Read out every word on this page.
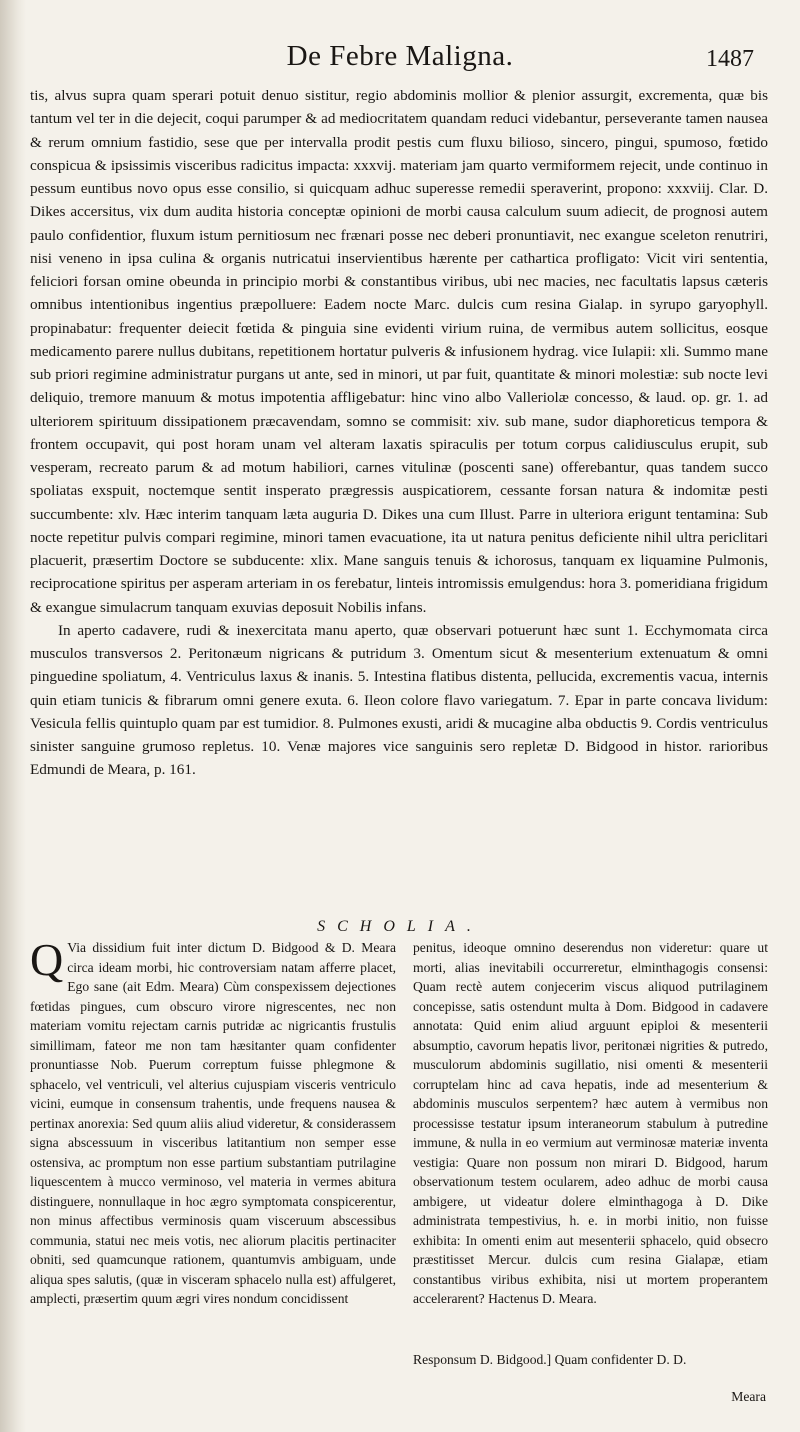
De Febre Maligna.	1487

tis, alvus supra quam sperari potuit denuo sistitur, regio abdominis mollior & plenior assurgit, excrementa, quæ bis tantum vel ter in die dejecit, coqui parumper & ad mediocritatem quandam reduci videbantur, perseverante tamen nausea & rerum omnium fastidio, sese que per intervalla prodit pestis cum fluxu bilioso, sincero, pingui, spumoso, fœtido conspicua & ipsissimis visceribus radicitus impacta: xxxvij. materiam jam quarto vermiformem rejecit, unde continuo in pessum euntibus novo opus esse consilio, si quicquam adhuc superesse remedii speraverint, propono: xxxviij. Clar. D. Dikes accersitus, vix dum audita historia conceptæ opinioni de morbi causa calculum suum adiecit, de prognosi autem paulo confidentior, fluxum istum pernitiosum nec frænari posse nec deberi pronuntiavit, nec exangue sceleton renutriri, nisi veneno in ipsa culina & organis nutricatui inservientibus hærente per cathartica profligato: Vicit viri sententia, feliciori forsan omine obeunda in principio morbi & constantibus viribus, ubi nec macies, nec facultatis lapsus cæteris omnibus intentionibus ingentius præpolluere: Eadem nocte Marc. dulcis cum resina Gialap. in syrupo garyophyll. propinabatur: frequenter deiecit fœtida & pinguia sine evidenti virium ruina, de vermibus autem sollicitus, eosque medicamento parere nullus dubitans, repetitionem hortatur pulveris & infusionem hydrag. vice Iulapii: xli. Summo mane sub priori regimine administratur purgans ut ante, sed in minori, ut par fuit, quantitate & minori molestiæ: sub nocte levi deliquio, tremore manuum & motus impotentia affligebatur: hinc vino albo Valleriolæ concesso, & laud. op. gr. 1. ad ulteriorem spirituum dissipationem præcavendam, somno se commisit: xiv. sub mane, sudor diaphoreticus tempora & frontem occupavit, qui post horam unam vel alteram laxatis spiraculis per totum corpus calidiusculus erupit, sub vesperam, recreato parum & ad motum habiliori, carnes vitulinæ (poscenti sane) offerebantur, quas tandem succo spoliatas exspuit, noctemque sentit insperato prægressis auspicatiorem, cessante forsan natura & indomitæ pesti succumbente: xlv. Hæc interim tanquam læta auguria D. Dikes una cum Illust. Parre in ulteriora erigunt tentamina: Sub nocte repetitur pulvis compari regimine, minori tamen evacuatione, ita ut natura penitus deficiente nihil ultra periclitari placuerit, præsertim Doctore se subducente: xlix. Mane sanguis tenuis & ichorosus, tanquam ex liquamine Pulmonis, reciprocatione spiritus per asperam arteriam in os ferebatur, linteis intromissis emulgendus: hora 3. pomeridiana frigidum & exangue simulacrum tanquam exuvias deposuit Nobilis infans.

In aperto cadavere, rudi & inexercitata manu aperto, quæ observari potuerunt hæc sunt 1. Ecchymomata circa musculos transversos 2. Peritonæum nigricans & putridum 3. Omentum sicut & mesenterium extenuatum & omni pinguedine spoliatum, 4. Ventriculus laxus & inanis. 5. Intestina flatibus distenta, pellucida, excrementis vacua, internis quin etiam tunicis & fibrarum omni genere exuta. 6. Ileon colore flavo variegatum. 7. Epar in parte concava lividum: Vesicula fellis quintuplo quam par est tumidior. 8. Pulmones exusti, aridi & mucagine alba obductis 9. Cordis ventriculus sinister sanguine grumoso repletus. 10. Venæ majores vice sanguinis sero repletæ D. Bidgood in histor. rarioribus Edmundi de Meara, p. 161.

SCHOLIA.
Q Via dissidium fuit inter dictum D. Bidgood & D. Meara circa ideam morbi, hic controversiam natam afferre placet, Ego sane (ait Edm. Meara) Cùm conspexissem dejectiones fœtidas pingues, cum obscuro virore nigrescentes, nec non materiam vomitu rejectam carnis putridæ ac nigricantis frustulis simillimam, fateor me non tam hæsitanter quam confidenter pronuntiasse Nob. Puerum correptum fuisse phlegmone & sphacelo, vel ventriculi, vel alterius cujuspiam visceris ventriculo vicini, eumque in consensum trahentis, unde frequens nausea & pertinax anorexia: Sed quum aliis aliud videretur, & considerassem signa abscessuum in visceribus latitantium non semper esse ostensiva, ac promptum non esse partium substantiam putrilagine liquescentem à mucco verminoso, vel materia in vermes abitura distinguere, nonnullaque in hoc ægro symptomata conspicerentur, non minus affectibus verminosis quam visceruum abscessibus communia, statui nec meis votis, nec aliorum placitis pertinaciter obniti, sed quamcunque rationem, quantumvis ambiguam, unde aliqua spes salutis, (quæ in visceram sphacelo nulla est) affulgeret, amplecti, præsertim quum ægri vires nondum concidissent

penitus, ideoque omnino deserendus non videretur: quare ut morti, alias inevitabili occurreretur, elminthagogis consensi: Quam rectè autem conjecerim viscus aliquod putrilaginem concepisse, satis ostendunt multa à Dom. Bidgood in cadavere annotata: Quid enim aliud arguunt epiploi & mesenterii absumptio, cavorum hepatis livor, peritonæi nigrities & putredo, musculorum abdominis sugillatio, nisi omenti & mesenterii corruptelam hinc ad cava hepatis, inde ad mesenterium & abdominis musculos serpentem? hæc autem à vermibus non processisse testatur ipsum interaneorum stabulum à putredine immune, & nulla in eo vermium aut verminosæ materiæ inventa vestigia: Quare non possum non mirari D. Bidgood, harum observationum testem ocularem, adeo adhuc de morbi causa ambigere, ut videatur dolere elminthagoga à D. Dike administrata tempestivius, h. e. in morbi initio, non fuisse exhibita: In omenti enim aut mesenterii sphacelo, quid obsecro præstitisset Mercur. dulcis cum resina Gialapæ, etiam constantibus viribus exhibita, nisi ut mortem properantem accelerarent? Hactenus D. Meara.

Responsum D. Bidgood.] Quam confidenter D. D.
Meara
